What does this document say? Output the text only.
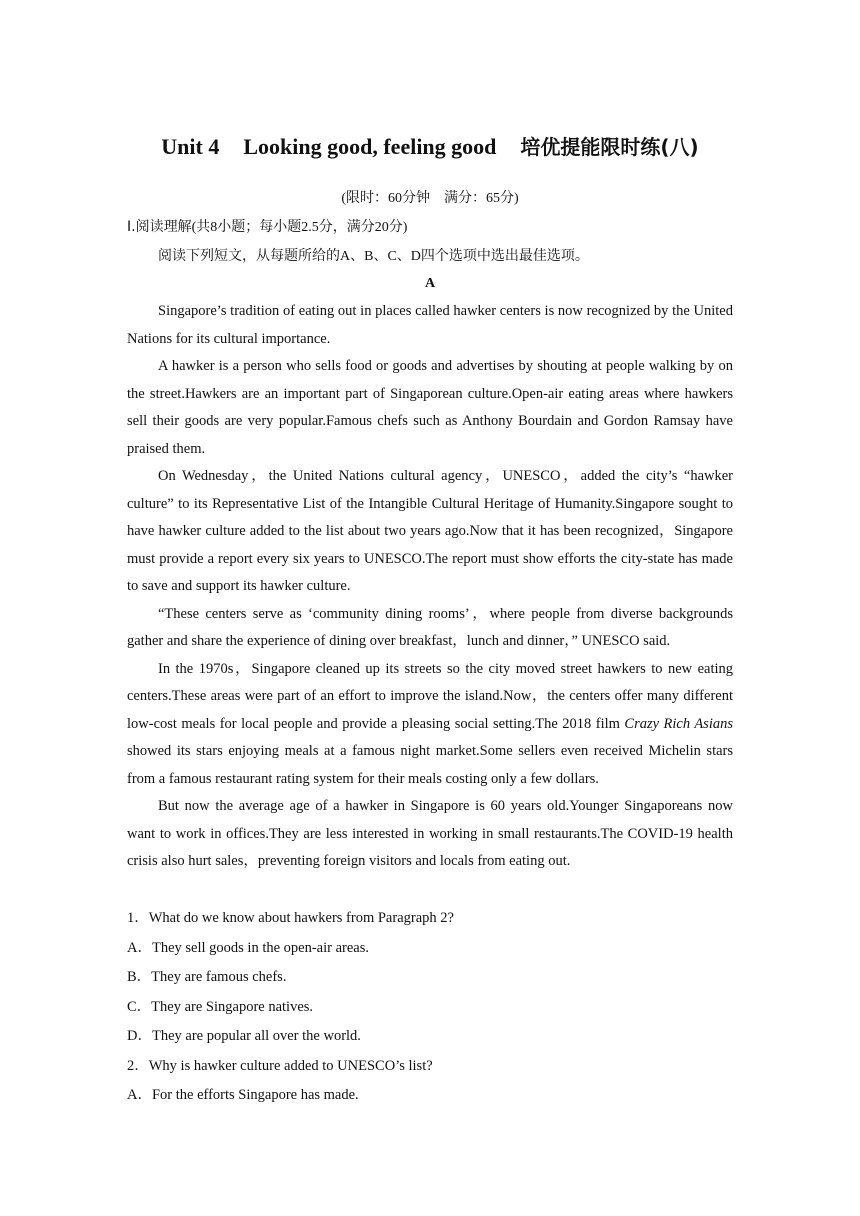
Unit 4 Looking good, feeling good 培优提能限时练(八)
(限时：60分钟　满分：65分)
Ⅰ.阅读理解(共8小题；每小题2.5分，满分20分)
阅读下列短文，从每题所给的A、B、C、D四个选项中选出最佳选项。
A

Singapore’s tradition of eating out in places called hawker centers is now recognized by the United Nations for its cultural importance.

A hawker is a person who sells food or goods and advertises by shouting at people walking by on the street.Hawkers are an important part of Singaporean culture.Open-air eating areas where hawkers sell their goods are very popular.Famous chefs such as Anthony Bourdain and Gordon Ramsay have praised them.

On Wednesday，the United Nations cultural agency，UNESCO，added the city’s “hawker culture” to its Representative List of the Intangible Cultural Heritage of Humanity.Singapore sought to have hawker culture added to the list about two years ago.Now that it has been recognized，Singapore must provide a report every six years to UNESCO.The report must show efforts the city-state has made to save and support its hawker culture.

“These centers serve as ‘community dining rooms’，where people from diverse backgrounds gather and share the experience of dining over breakfast，lunch and dinner，” UNESCO said.

In the 1970s，Singapore cleaned up its streets so the city moved street hawkers to new eating centers.These areas were part of an effort to improve the island.Now，the centers offer many different low-cost meals for local people and provide a pleasing social setting.The 2018 film Crazy Rich Asians showed its stars enjoying meals at a famous night market.Some sellers even received Michelin stars from a famous restaurant rating system for their meals costing only a few dollars.

But now the average age of a hawker in Singapore is 60 years old.Younger Singaporeans now want to work in offices.They are less interested in working in small restaurants.The COVID-19 health crisis also hurt sales，preventing foreign visitors and locals from eating out.

1．What do we know about hawkers from Paragraph 2?
A．They sell goods in the open-air areas.
B．They are famous chefs.
C．They are Singapore natives.
D．They are popular all over the world.
2．Why is hawker culture added to UNESCO’s list?
A．For the efforts Singapore has made.
